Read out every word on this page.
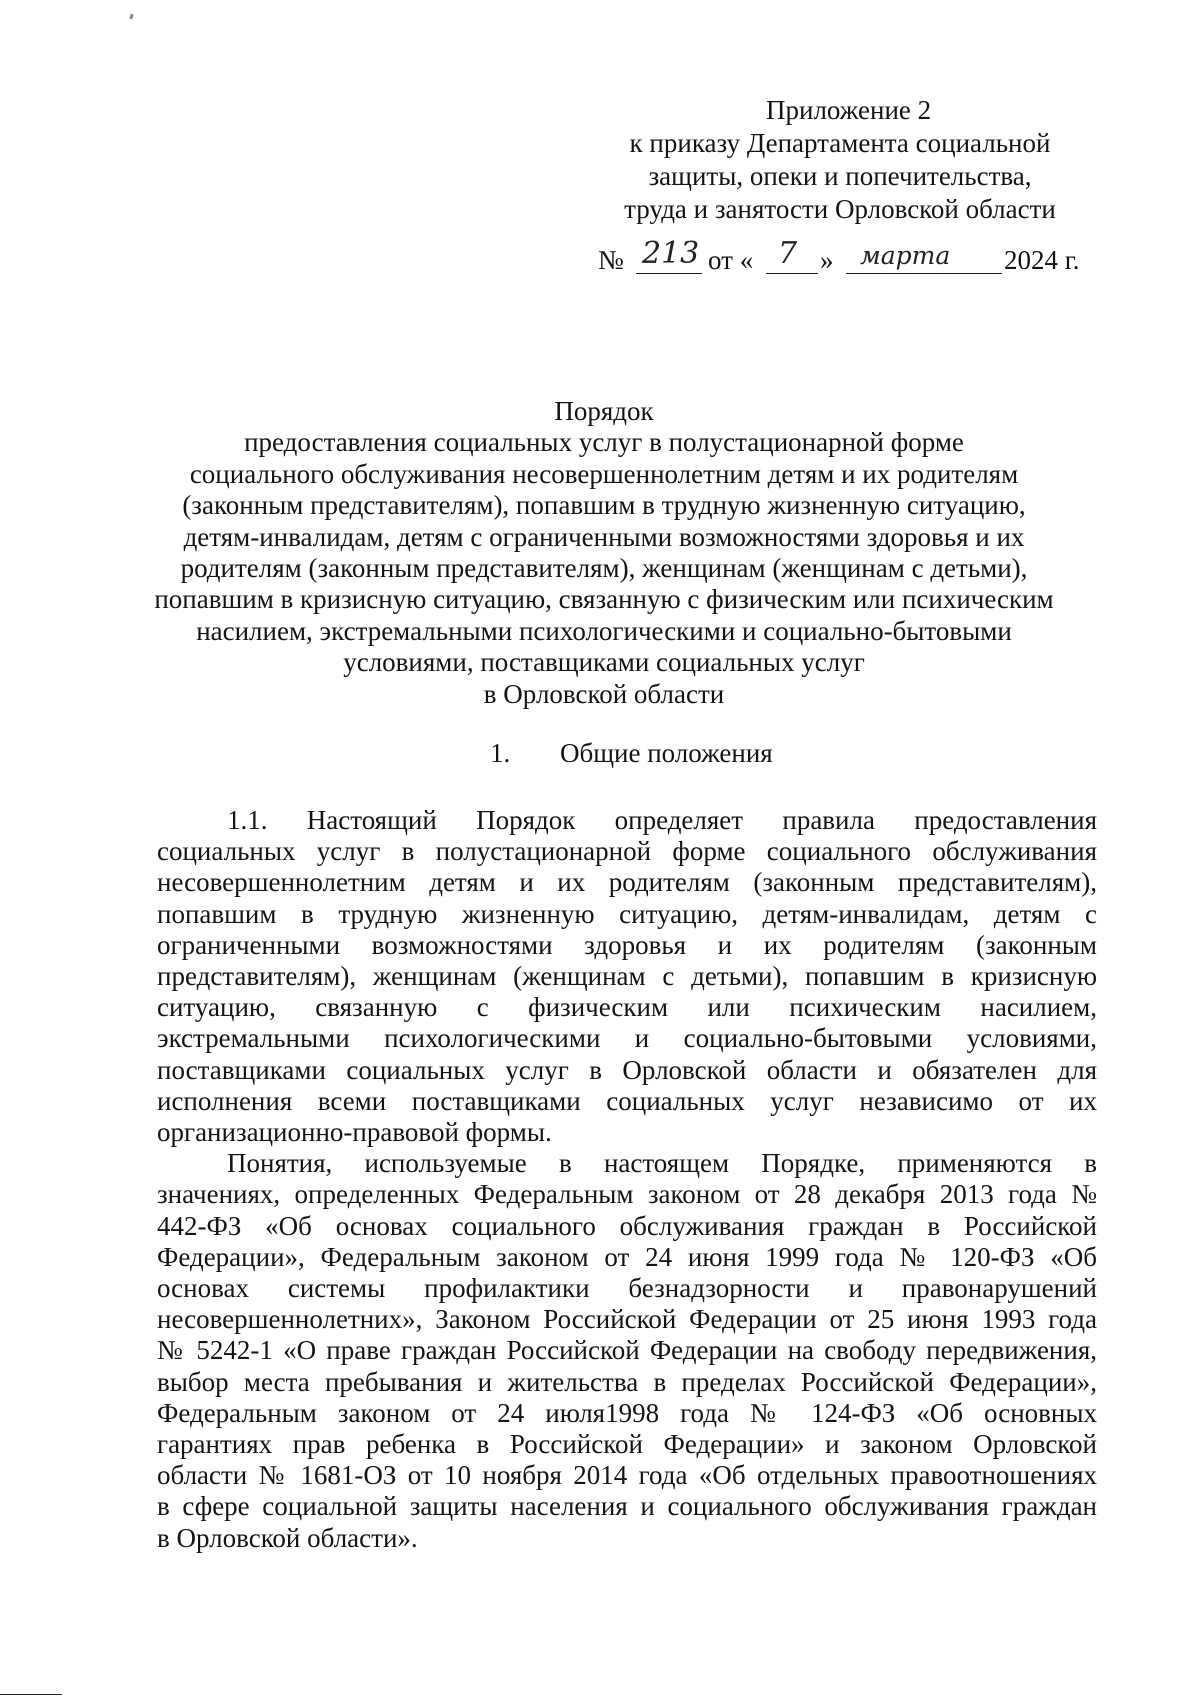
Приложение 2
к приказу Департамента социальной
защиты, опеки и попечительства,
труда и занятости Орловской области
№ 213 от « 7 » марта 2024 г.
Порядок
предоставления социальных услуг в полустационарной форме
социального обслуживания несовершеннолетним детям и их родителям
(законным представителям), попавшим в трудную жизненную ситуацию,
детям-инвалидам, детям с ограниченными возможностями здоровья и их
родителям (законным представителям), женщинам (женщинам с детьми),
попавшим в кризисную ситуацию, связанную с физическим или психическим
насилием, экстремальными психологическими и социально-бытовыми
условиями, поставщиками социальных услуг
в Орловской области
1. Общие положения
1.1. Настоящий Порядок определяет правила предоставления
социальных услуг в полустационарной форме социального обслуживания
несовершеннолетним детям и их родителям (законным представителям),
попавшим в трудную жизненную ситуацию, детям-инвалидам, детям с
ограниченными возможностями здоровья и их родителям (законным
представителям), женщинам (женщинам с детьми), попавшим в кризисную
ситуацию, связанную с физическим или психическим насилием,
экстремальными психологическими и социально-бытовыми условиями,
поставщиками социальных услуг в Орловской области и обязателен для
исполнения всеми поставщиками социальных услуг независимо от их
организационно-правовой формы.
Понятия, используемые в настоящем Порядке, применяются в
значениях, определенных Федеральным законом от 28 декабря 2013 года №
442-ФЗ «Об основах социального обслуживания граждан в Российской
Федерации», Федеральным законом от 24 июня 1999 года № 120-ФЗ «Об
основах системы профилактики безнадзорности и правонарушений
несовершеннолетних», Законом Российской Федерации от 25 июня 1993 года
№ 5242-1 «О праве граждан Российской Федерации на свободу передвижения,
выбор места пребывания и жительства в пределах Российской Федерации»,
Федеральным законом от 24 июля1998 года № 124-ФЗ «Об основных
гарантиях прав ребенка в Российской Федерации» и законом Орловской
области № 1681-ОЗ от 10 ноября 2014 года «Об отдельных правоотношениях
в сфере социальной защиты населения и социального обслуживания граждан
в Орловской области».
